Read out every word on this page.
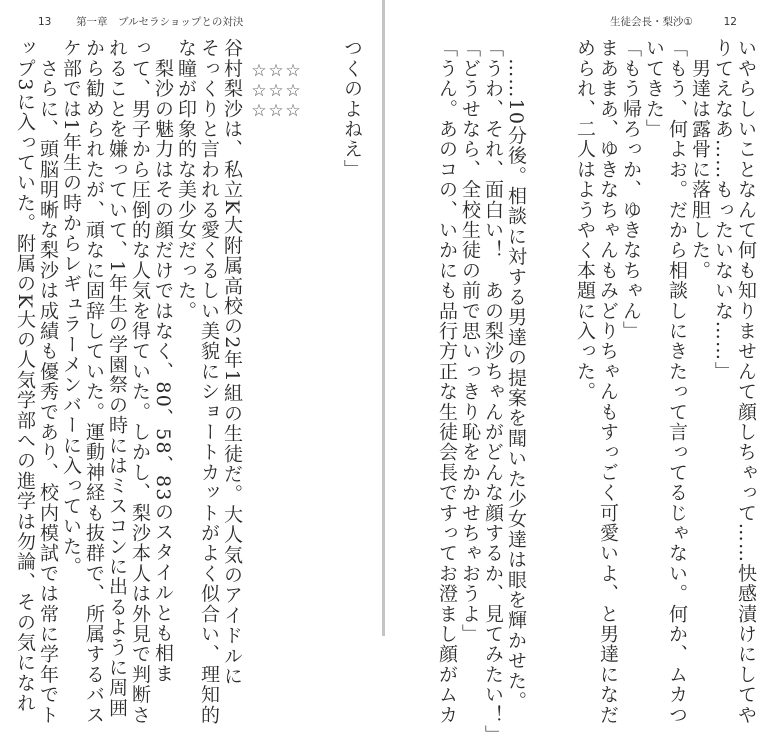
13 第一章　ブルセラショップとの対決
つくのよねえ」
☆☆☆
☆☆☆
☆☆☆
谷村梨沙は、私立K大附属高校の2年1組の生徒だ。大人気のアイドルに
そっくりと言われる愛くるしい美貌にショートカットがよく似合い、理知的
な瞳が印象的な美少女だった。
　梨沙の魅力はその顔だけではなく、80、58、83のスタイルとも相ま
って、男子から圧倒的な人気を得ていた。しかし、梨沙本人は外見で判断さ
れることを嫌っていて、1年生の学園祭の時にはミスコンに出るように周囲
から勧められたが、頑なに固辞していた。運動神経も抜群で、所属するバス
ケ部では1年生の時からレギュラーメンバーに入っていた。
　さらに、頭脳明晰な梨沙は成績も優秀であり、校内模試では常に学年でト
ップ3に入っていた。附属のK大の人気学部への進学は勿論、その気になれ
生徒会長・梨沙①	12
いやらしいことなんて何も知りませんて顔しちゃって……快感漬けにしてや
りてえなあ……もったいないな……」
　男達は露骨に落胆した。
「もう、何よお。だから相談しにきたって言ってるじゃない。何か、ムカつ
いてきた」
「もう帰ろっか、ゆきなちゃん」
まあまあ、ゆきなちゃんもみどりちゃんもすっごく可愛いよ、と男達になだ
められ、二人はようやく本題に入った。
　……10分後。相談に対する男達の提案を聞いた少女達は眼を輝かせた。
「うわ、それ、面白い！　あの梨沙ちゃんがどんな顔するか、見てみたい！」
「どうせなら、全校生徒の前で思いっきり恥をかかせちゃおうよ」
「うん。あのコの、いかにも品行方正な生徒会長ですってお澄まし顔がムカ
